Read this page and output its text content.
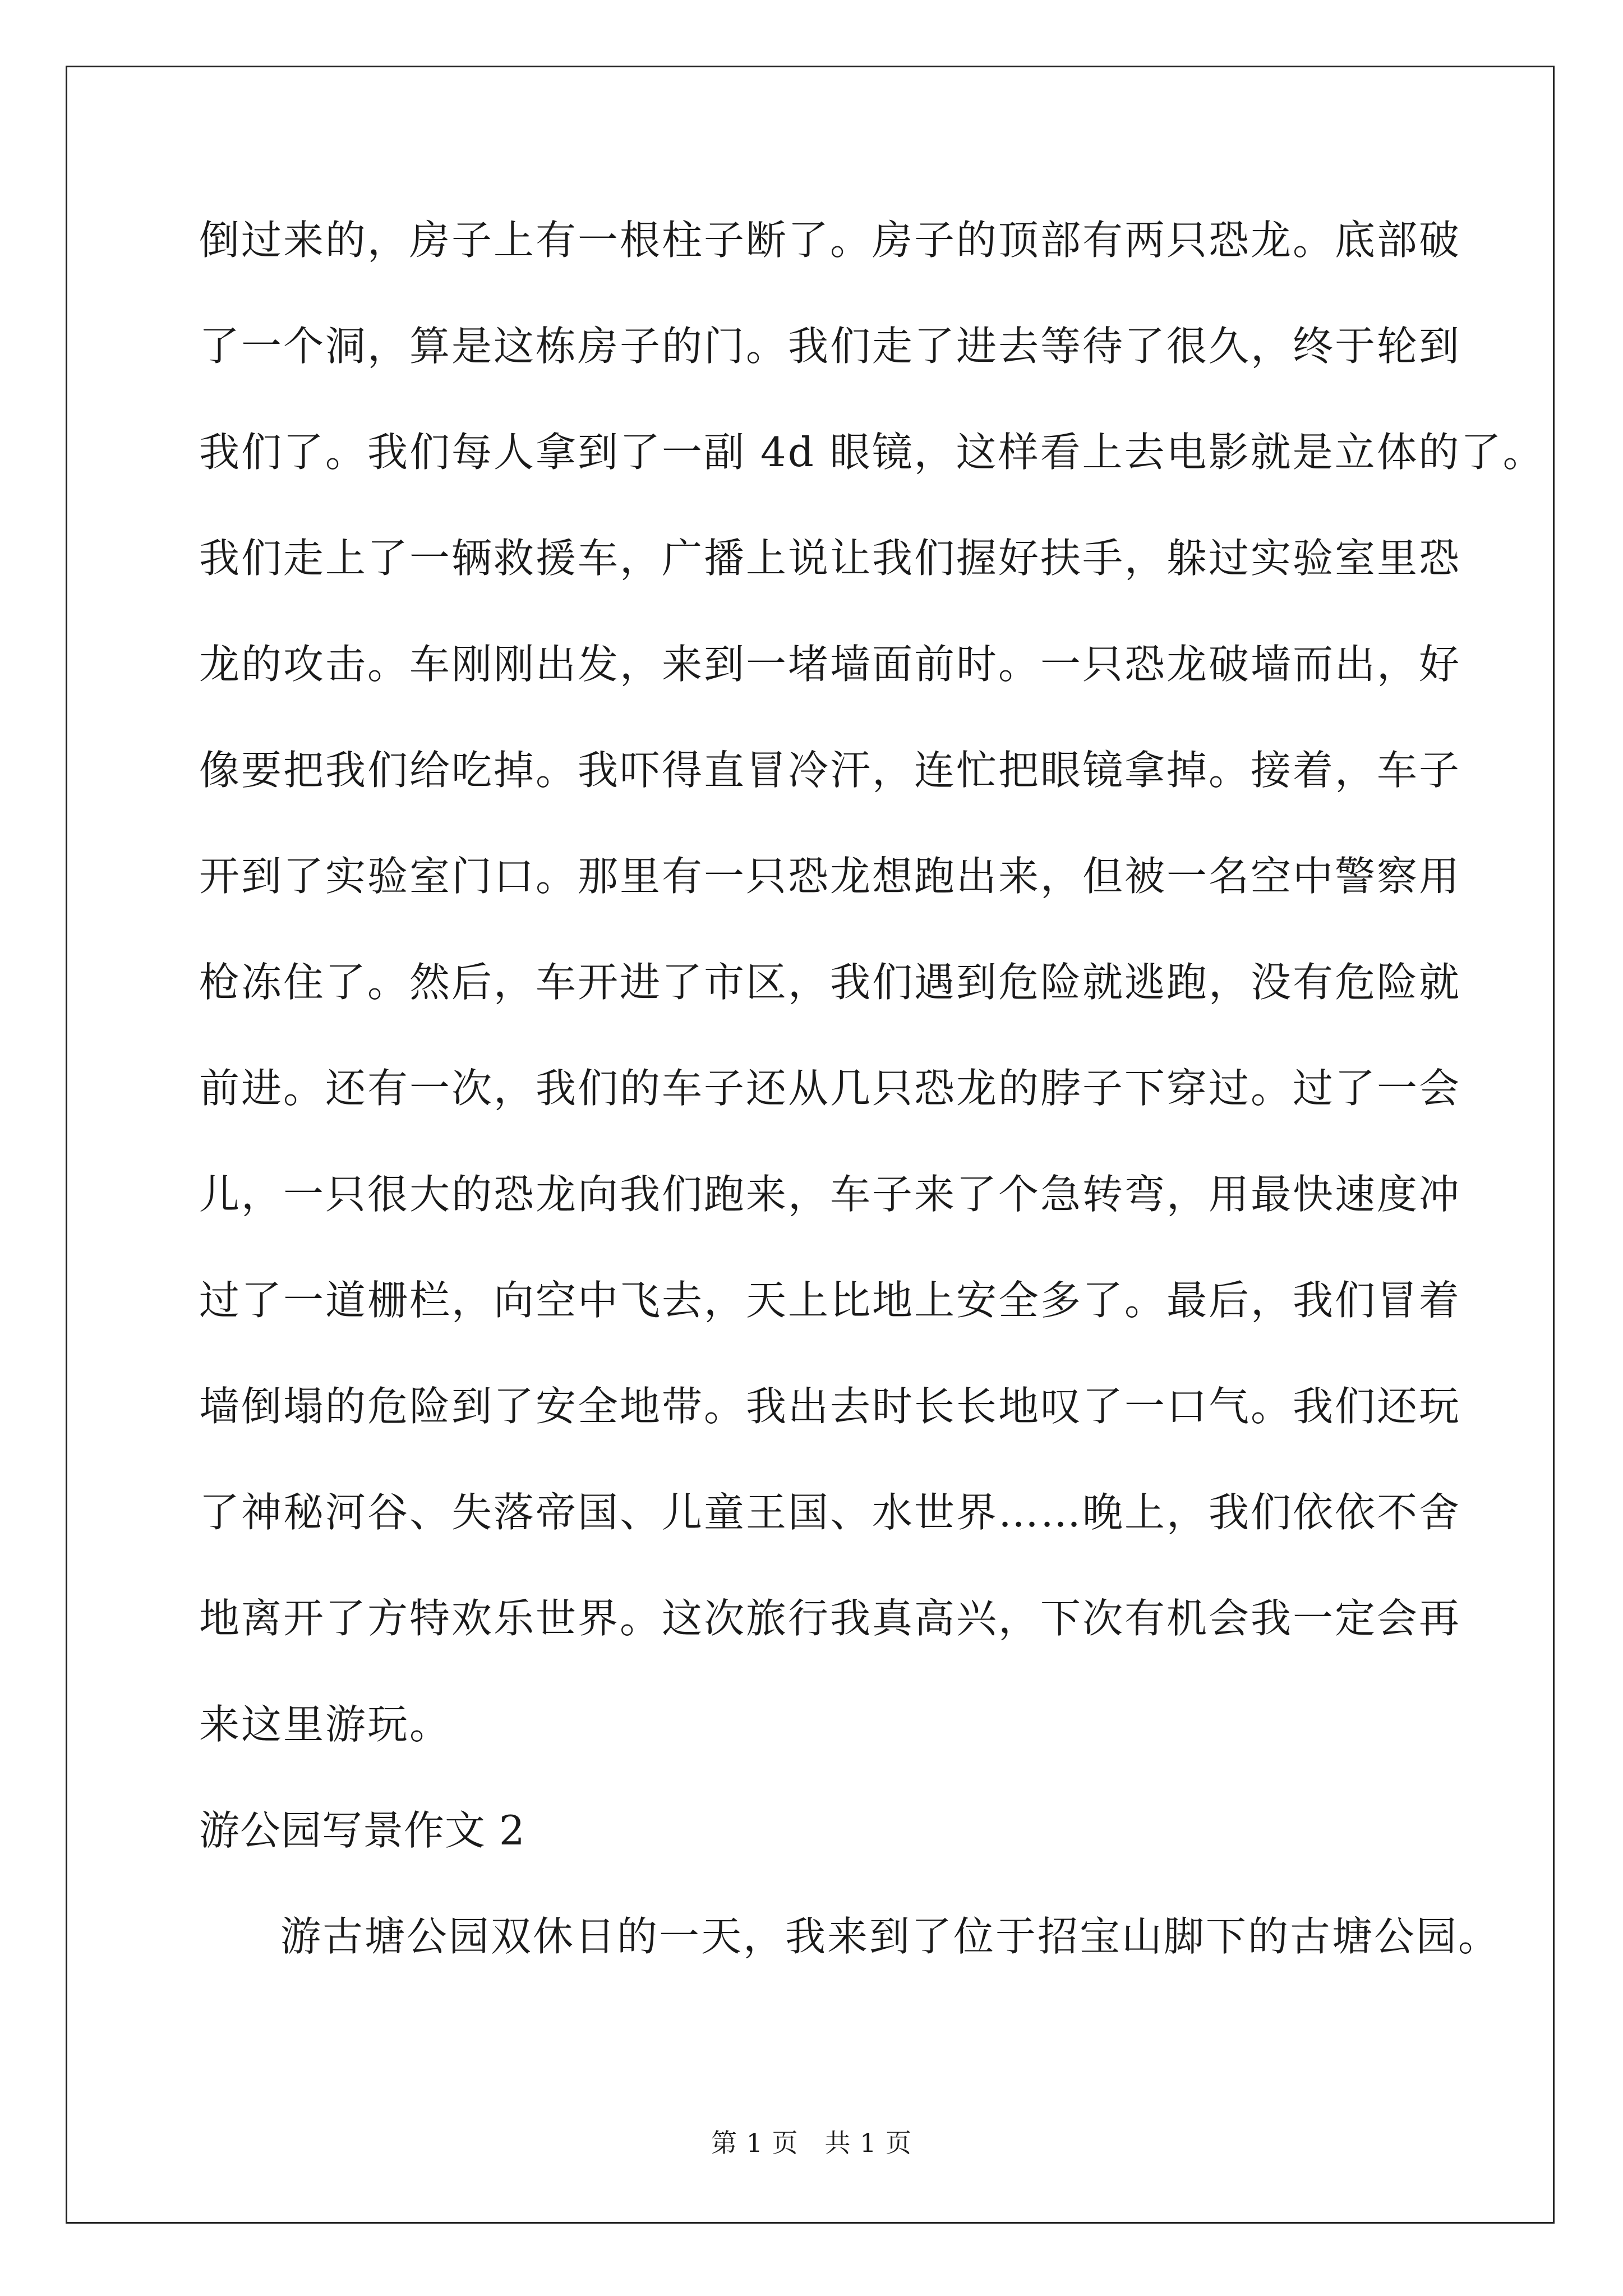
倒过来的，房子上有一根柱子断了。房子的顶部有两只恐龙。底部破
了一个洞，算是这栋房子的门。我们走了进去等待了很久，终于轮到
我们了。我们每人拿到了一副 4d 眼镜，这样看上去电影就是立体的了。
我们走上了一辆救援车，广播上说让我们握好扶手，躲过实验室里恐
龙的攻击。车刚刚出发，来到一堵墙面前时。一只恐龙破墙而出，好
像要把我们给吃掉。我吓得直冒冷汗，连忙把眼镜拿掉。接着，车子
开到了实验室门口。那里有一只恐龙想跑出来，但被一名空中警察用
枪冻住了。然后，车开进了市区，我们遇到危险就逃跑，没有危险就
前进。还有一次，我们的车子还从几只恐龙的脖子下穿过。过了一会
儿，一只很大的恐龙向我们跑来，车子来了个急转弯，用最快速度冲
过了一道栅栏，向空中飞去，天上比地上安全多了。最后，我们冒着
墙倒塌的危险到了安全地带。我出去时长长地叹了一口气。我们还玩
了神秘河谷、失落帝国、儿童王国、水世界……晚上，我们依依不舍
地离开了方特欢乐世界。这次旅行我真高兴，下次有机会我一定会再
来这里游玩。
游公园写景作文 2
游古塘公园双休日的一天，我来到了位于招宝山脚下的古塘公园。
第 1 页　共 1 页
